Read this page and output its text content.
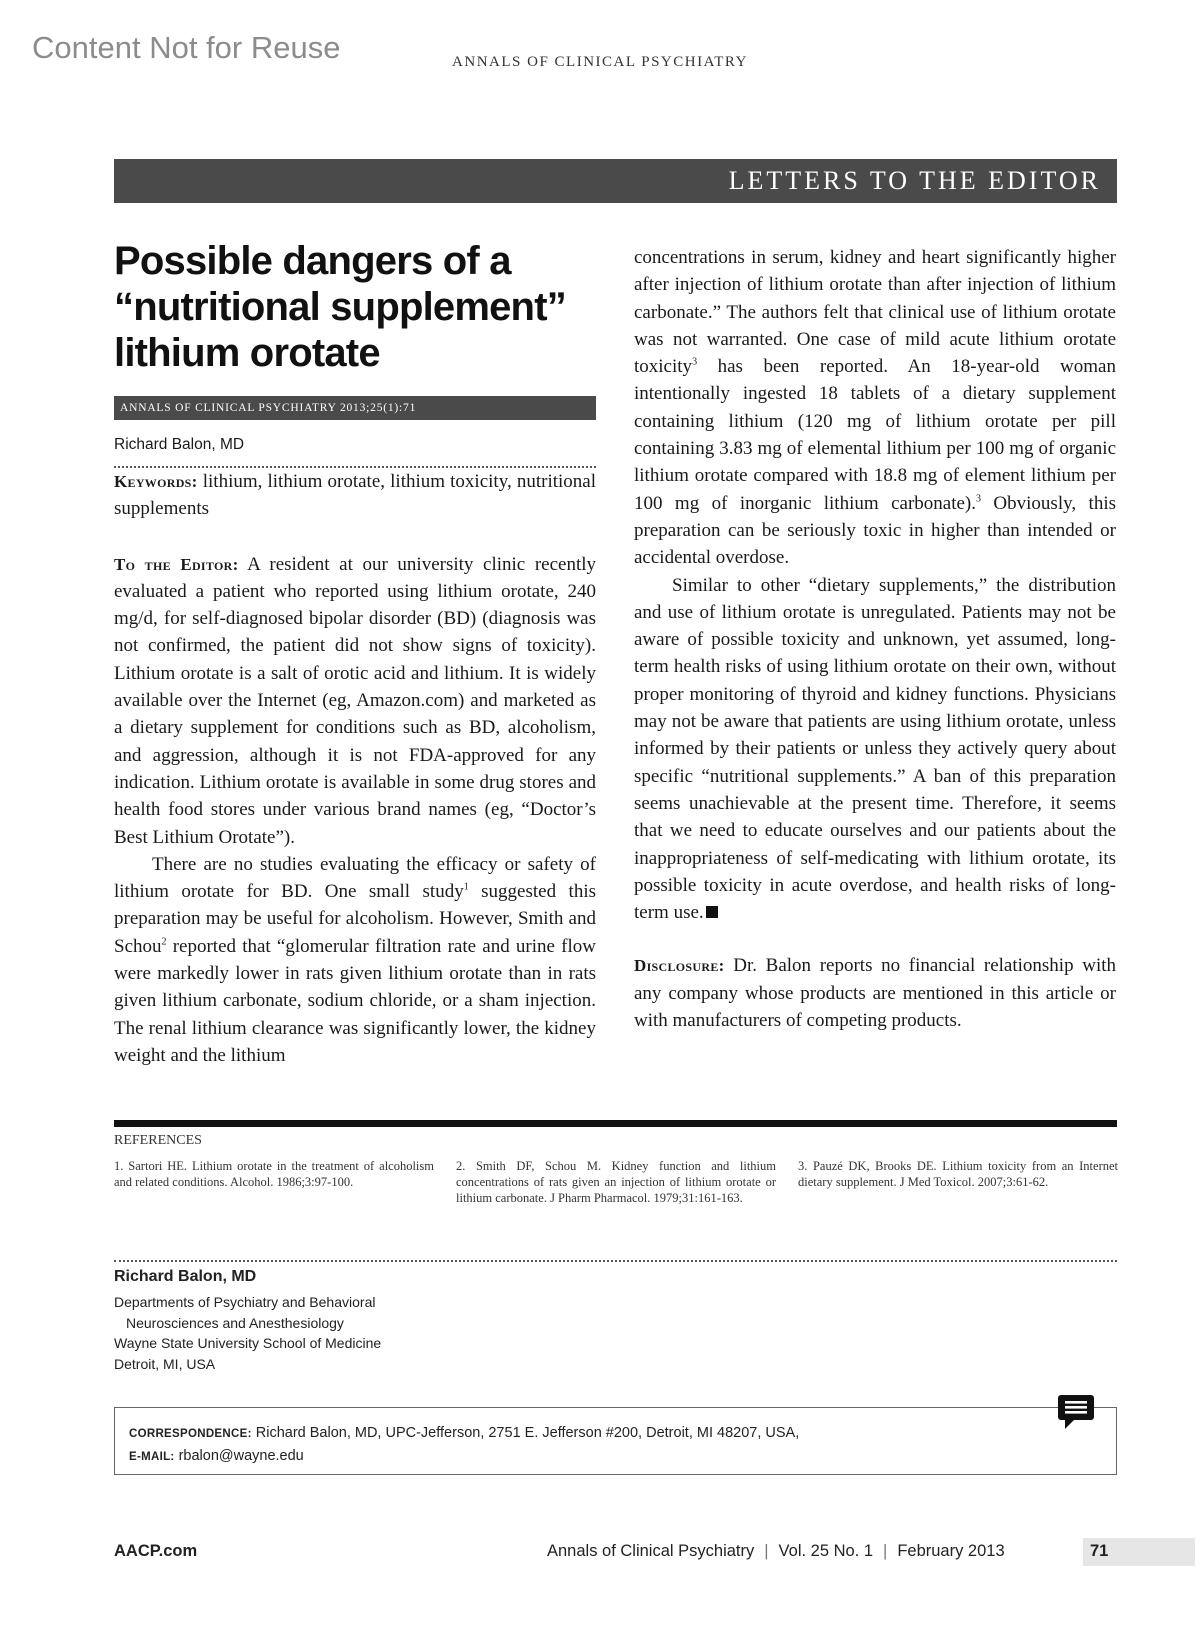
Content Not for Reuse	ANNALS OF CLINICAL PSYCHIATRY
LETTERS TO THE EDITOR
Possible dangers of a
“nutritional supplement”
lithium orotate
ANNALS OF CLINICAL PSYCHIATRY 2013;25(1):71
Richard Balon, MD

Keywords: lithium, lithium orotate, lithium toxicity, nutritional supplements

To the Editor: A resident at our university clinic recently evaluated a patient who reported using lithium orotate, 240 mg/d, for self-diagnosed bipolar disorder (BD) (diagnosis was not confirmed, the patient did not show signs of toxicity). Lithium orotate is a salt of orotic acid and lithium. It is widely available over the Internet (eg, Amazon.com) and marketed as a dietary supplement for conditions such as BD, alcoholism, and aggression, although it is not FDA-approved for any indication. Lithium orotate is available in some drug stores and health food stores under various brand names (eg, “Doctor’s Best Lithium Orotate”).

There are no studies evaluating the efficacy or safety of lithium orotate for BD. One small study$^1$ suggested this preparation may be useful for alcoholism. However, Smith and Schou$^2$ reported that “glomerular filtration rate and urine flow were markedly lower in rats given lithium orotate than in rats given lithium carbonate, sodium chloride, or a sham injection. The renal lithium clearance was significantly lower, the kidney weight and the lithium

concentrations in serum, kidney and heart significantly higher after injection of lithium orotate than after injection of lithium carbonate.” The authors felt that clinical use of lithium orotate was not warranted. One case of mild acute lithium orotate toxicity$^3$ has been reported. An 18-year-old woman intentionally ingested 18 tablets of a dietary supplement containing lithium (120 mg of lithium orotate per pill containing 3.83 mg of elemental lithium per 100 mg of organic lithium orotate compared with 18.8 mg of element lithium per 100 mg of inorganic lithium carbonate).$^3$ Obviously, this preparation can be seriously toxic in higher than intended or accidental overdose.

Similar to other “dietary supplements,” the distribution and use of lithium orotate is unregulated. Patients may not be aware of possible toxicity and unknown, yet assumed, long-term health risks of using lithium orotate on their own, without proper monitoring of thyroid and kidney functions. Physicians may not be aware that patients are using lithium orotate, unless informed by their patients or unless they actively query about specific “nutritional supplements.” A ban of this preparation seems unachievable at the present time. Therefore, it seems that we need to educate ourselves and our patients about the inappropriateness of self-medicating with lithium orotate, its possible toxicity in acute overdose, and health risks of long-term use.

Disclosure: Dr. Balon reports no financial relationship with any company whose products are mentioned in this article or with manufacturers of competing products.

REFERENCES
1. Sartori HE. Lithium orotate in the treatment of alcoholism and related conditions. Alcohol. 1986;3:97-100.
2. Smith DF, Schou M. Kidney function and lithium concentrations of rats given an injection of lithium orotate or lithium carbonate. J Pharm Pharmacol. 1979;31:161-163.
3. Pauzé DK, Brooks DE. Lithium toxicity from an Internet dietary supplement. J Med Toxicol. 2007;3:61-62.
Richard Balon, MD
Departments of Psychiatry and Behavioral
Neurosciences and Anesthesiology
Wayne State University School of Medicine
Detroit, MI, USA
CORRESPONDENCE: Richard Balon, MD, UPC-Jefferson, 2751 E. Jefferson #200, Detroit, MI 48207, USA,
E-MAIL: rbalon@wayne.edu
AACP.com	Annals of Clinical Psychiatry | Vol. 25 No. 1 | February 2013	71
